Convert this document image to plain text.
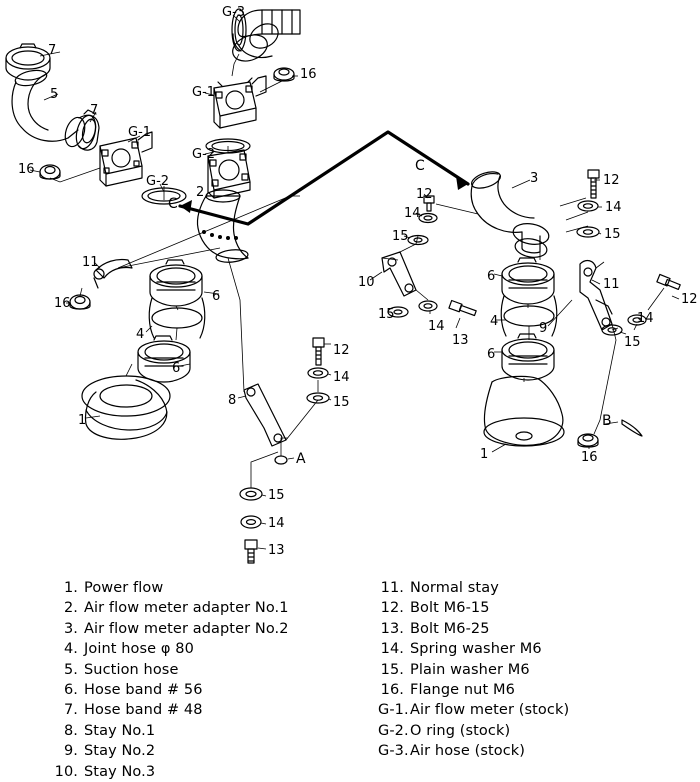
G-3
7
16
G-1
5
7
G-1
G-2
16	C
G-2	12
2	12
3
14
14
C
15
15
11
10
6
6
11
12
16
15
14
13
4	14
4	9
15
6
6
12
14
8	15
1	B
A	1	16
15
14
13
1. Power flow
2. Air flow meter adapter No.1
3. Air flow meter adapter No.2
4. Joint hose φ 80
5. Suction hose
6. Hose band # 56
7. Hose band # 48
8. Stay No.1
9. Stay No.2
10. Stay No.3
11. Normal stay
12. Bolt M6-15
13. Bolt M6-25
14. Spring washer M6
15. Plain washer M6
16. Flange nut M6
G-1.Air flow meter (stock)
G-2.O ring (stock)
G-3.Air hose (stock)
